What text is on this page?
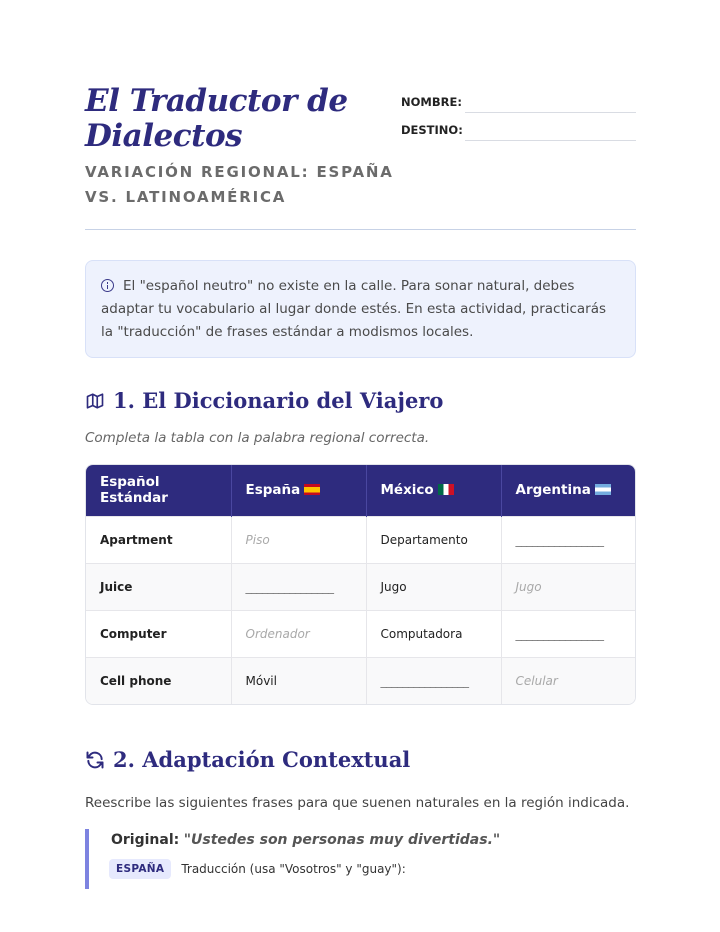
El Traductor de Dialectos
VARIACIÓN REGIONAL: ESPAÑA VS. LATINOAMÉRICA
NOMBRE:
DESTINO:

El "español neutro" no existe en la calle. Para sonar natural, debes adaptar tu vocabulario al lugar donde estés. En esta actividad, practicarás la "traducción" de frases estándar a modismos locales.

1. El Diccionario del Viajero
Completa la tabla con la palabra regional correcta.
Español Estándar	España	México	Argentina
Apartment	Piso	Departamento	________________
Juice	________________	Jugo	Jugo
Computer	Ordenador	Computadora	________________
Cell phone	Móvil	________________	Celular
2. Adaptación Contextual
Reescribe las siguientes frases para que suenen naturales en la región indicada.
Original: "Ustedes son personas muy divertidas."
ESPAÑA	Traducción (usa "Vosotros" y "guay"):
